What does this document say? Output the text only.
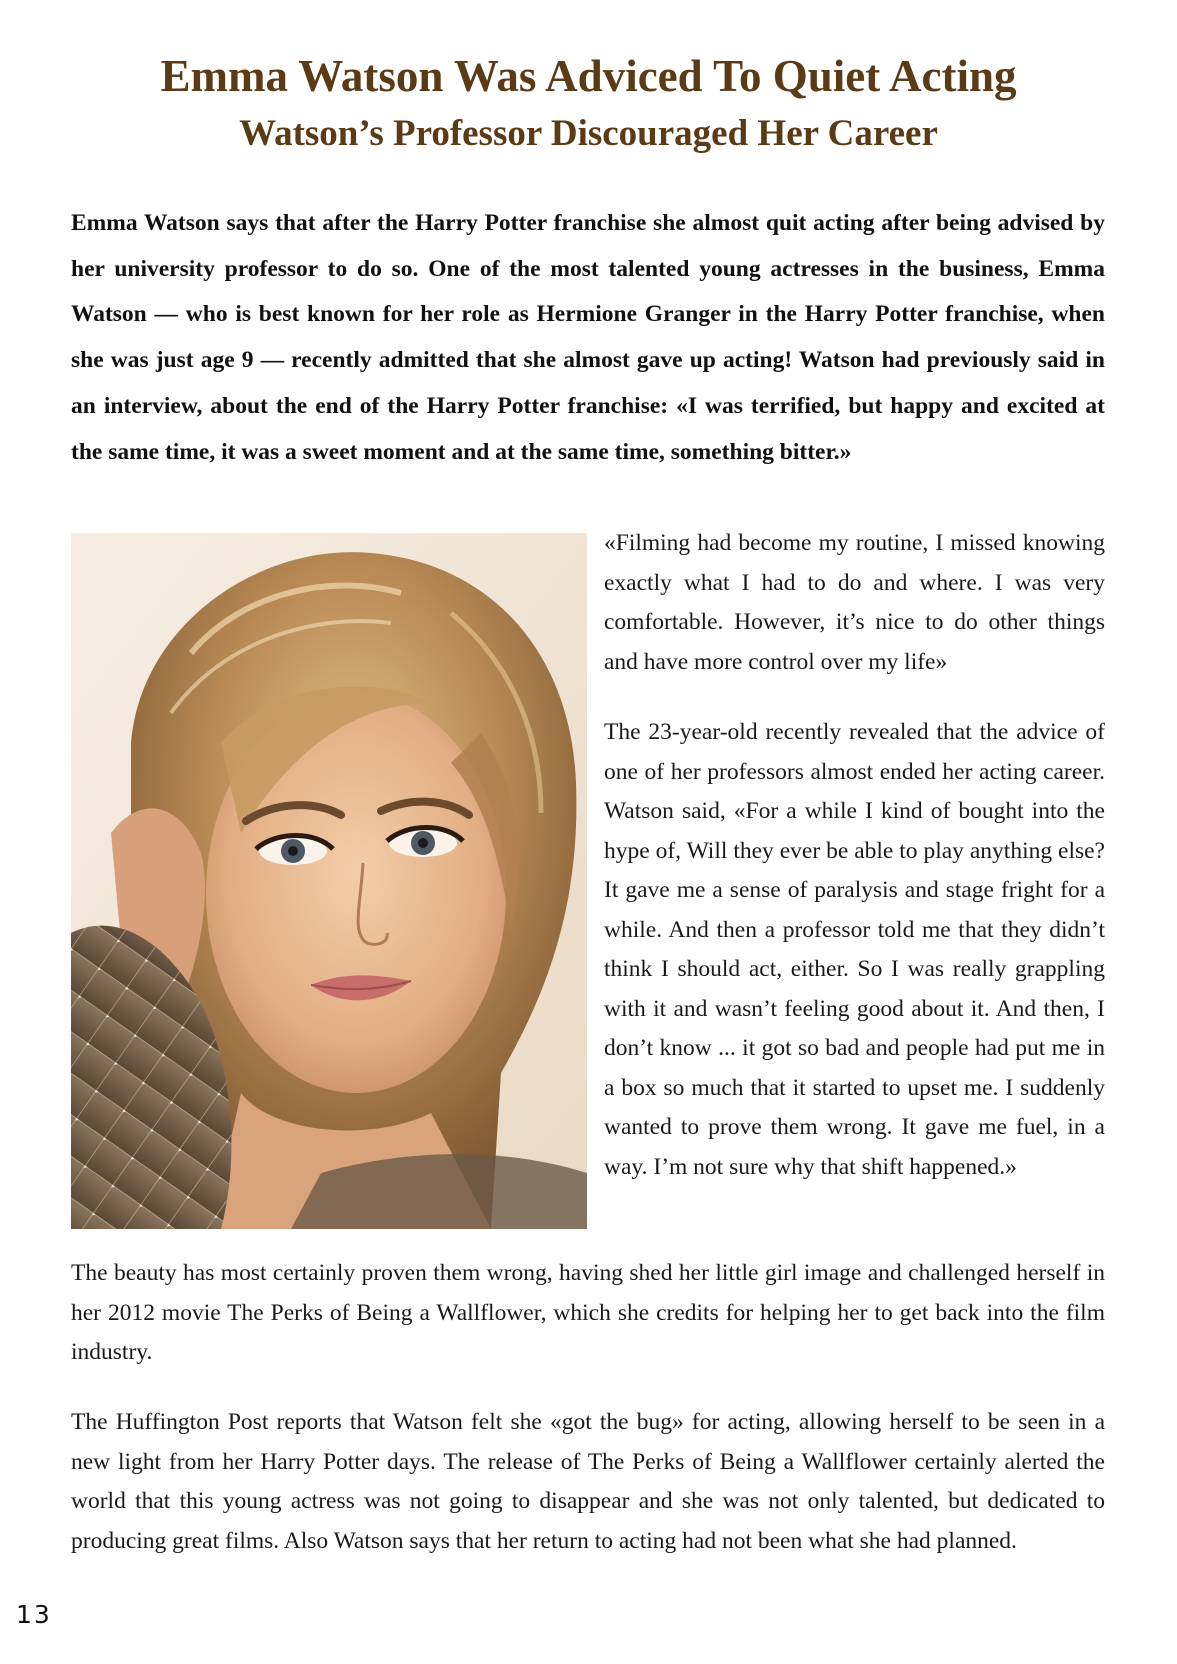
Emma Watson Was Adviced To Quiet Acting
Watson’s Professor Discouraged Her Career

Emma Watson says that after the Harry Potter franchise she almost quit acting after being advised by her university professor to do so. One of the most talented young actresses in the business, Emma Watson — who is best known for her role as Hermione Granger in the Harry Potter franchise, when she was just age 9 — recently admitted that she almost gave up acting! Watson had previously said in an interview, about the end of the Harry Potter franchise: «I was terrified, but happy and excited at the same time, it was a sweet moment and at the same time, something bitter.»

«Filming had become my routine, I missed knowing exactly what I had to do and where. I was very comfortable. However, it’s nice to do other things and have more control over my life»

The 23-year-old recently revealed that the advice of one of her professors almost ended her acting career. Watson said, «For a while I kind of bought into the hype of, Will they ever be able to play anything else? It gave me a sense of paralysis and stage fright for a while. And then a professor told me that they didn’t think I should act, either. So I was really grappling with it and wasn’t feeling good about it. And then, I don’t know ... it got so bad and people had put me in a box so much that it started to upset me. I suddenly wanted to prove them wrong. It gave me fuel, in a way. I’m not sure why that shift happened.»

The beauty has most certainly proven them wrong, having shed her little girl image and challenged herself in her 2012 movie The Perks of Being a Wallflower, which she credits for helping her to get back into the film industry.

The Huffington Post reports that Watson felt she «got the bug» for acting, allowing herself to be seen in a new light from her Harry Potter days. The release of The Perks of Being a Wallflower certainly alerted the world that this young actress was not going to disappear and she was not only talented, but dedicated to producing great films. Also Watson says that her return to acting had not been what she had planned.

13
